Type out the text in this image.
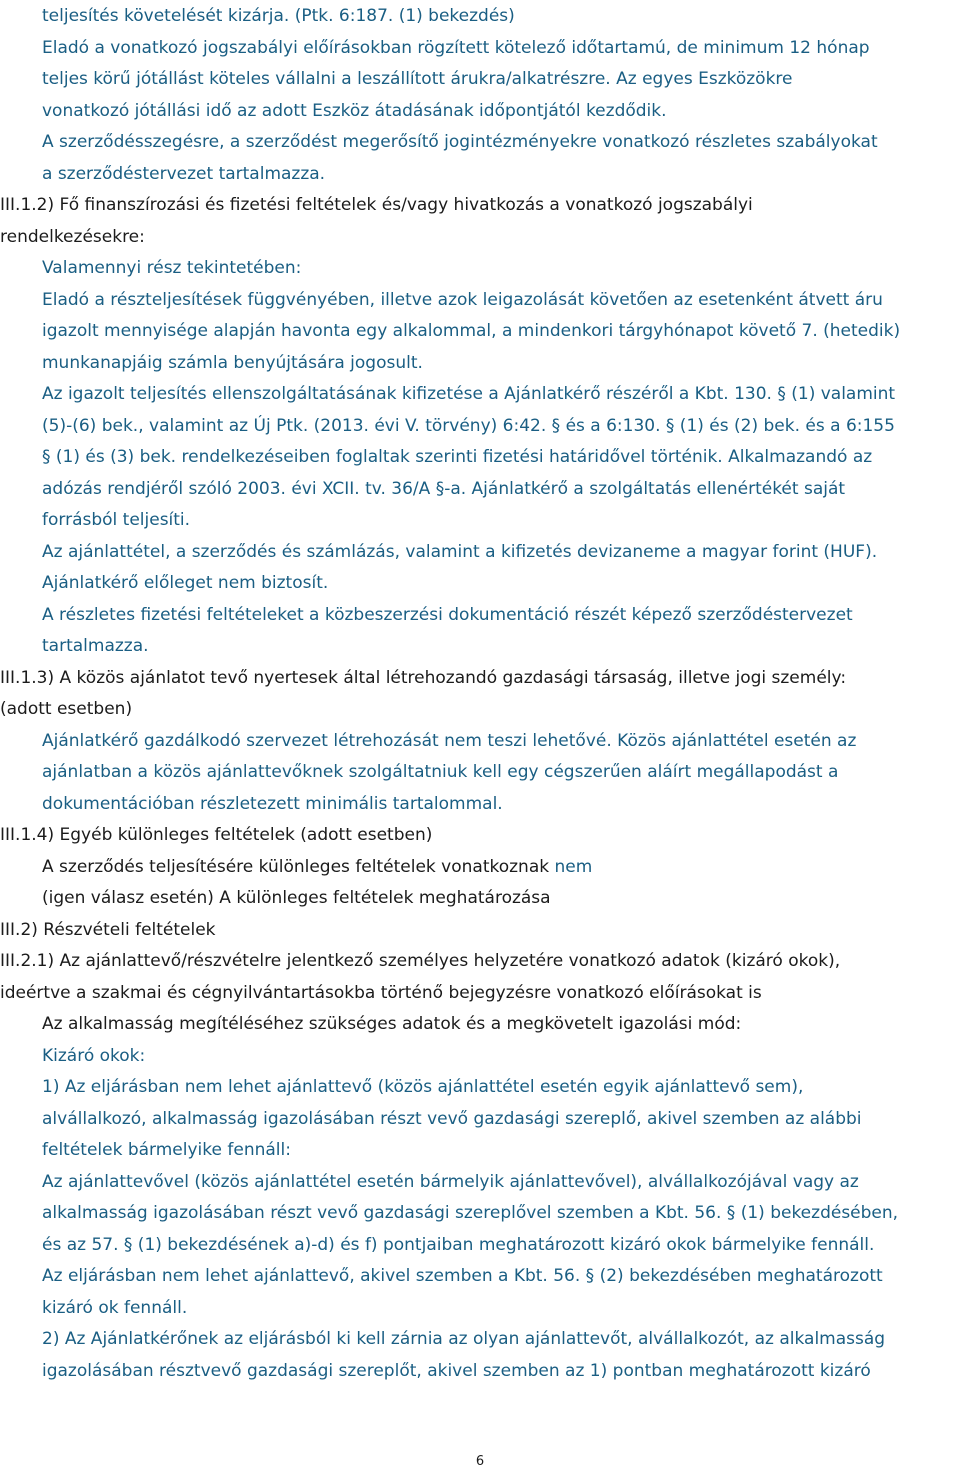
teljesítés követelését kizárja. (Ptk. 6:187. (1) bekezdés)
Eladó a vonatkozó jogszabályi előírásokban rögzített kötelező időtartamú, de minimum 12 hónap
teljes körű jótállást köteles vállalni a leszállított árukra/alkatrészre. Az egyes Eszközökre
vonatkozó jótállási idő az adott Eszköz átadásának időpontjától kezdődik.
A szerződésszegésre, a szerződést megerősítő jogintézményekre vonatkozó részletes szabályokat
a szerződéstervezet tartalmazza.
III.1.2) Fő finanszírozási és fizetési feltételek és/vagy hivatkozás a vonatkozó jogszabályi
rendelkezésekre:
Valamennyi rész tekintetében:
Eladó a részteljesítések függvényében, illetve azok leigazolását követően az esetenként átvett áru
igazolt mennyisége alapján havonta egy alkalommal, a mindenkori tárgyhónapot követő 7. (hetedik)
munkanapjáig számla benyújtására jogosult.
Az igazolt teljesítés ellenszolgáltatásának kifizetése a Ajánlatkérő részéről a Kbt. 130. § (1) valamint
(5)-(6) bek., valamint az Új Ptk. (2013. évi V. törvény) 6:42. § és a 6:130. § (1) és (2) bek. és a 6:155
§ (1) és (3) bek. rendelkezéseiben foglaltak szerinti fizetési határidővel történik. Alkalmazandó az
adózás rendjéről szóló 2003. évi XCII. tv. 36/A §-a. Ajánlatkérő a szolgáltatás ellenértékét saját
forrásból teljesíti.
Az ajánlattétel, a szerződés és számlázás, valamint a kifizetés devizaneme a magyar forint (HUF).
Ajánlatkérő előleget nem biztosít.
A részletes fizetési feltételeket a közbeszerzési dokumentáció részét képező szerződéstervezet
tartalmazza.
III.1.3) A közös ajánlatot tevő nyertesek által létrehozandó gazdasági társaság, illetve jogi személy:
(adott esetben)
Ajánlatkérő gazdálkodó szervezet létrehozását nem teszi lehetővé. Közös ajánlattétel esetén az
ajánlatban a közös ajánlattevőknek szolgáltatniuk kell egy cégszerűen aláírt megállapodást a
dokumentációban részletezett minimális tartalommal.
III.1.4) Egyéb különleges feltételek (adott esetben)
A szerződés teljesítésére különleges feltételek vonatkoznak nem
(igen válasz esetén) A különleges feltételek meghatározása
III.2) Részvételi feltételek
III.2.1) Az ajánlattevő/részvételre jelentkező személyes helyzetére vonatkozó adatok (kizáró okok),
ideértve a szakmai és cégnyilvántartásokba történő bejegyzésre vonatkozó előírásokat is
Az alkalmasság megítéléséhez szükséges adatok és a megkövetelt igazolási mód:
Kizáró okok:
1) Az eljárásban nem lehet ajánlattevő (közös ajánlattétel esetén egyik ajánlattevő sem),
alvállalkozó, alkalmasság igazolásában részt vevő gazdasági szereplő, akivel szemben az alábbi
feltételek bármelyike fennáll:
Az ajánlattevővel (közös ajánlattétel esetén bármelyik ajánlattevővel), alvállalkozójával vagy az
alkalmasság igazolásában részt vevő gazdasági szereplővel szemben a Kbt. 56. § (1) bekezdésében,
és az 57. § (1) bekezdésének a)-d) és f) pontjaiban meghatározott kizáró okok bármelyike fennáll.
Az eljárásban nem lehet ajánlattevő, akivel szemben a Kbt. 56. § (2) bekezdésében meghatározott
kizáró ok fennáll.
2) Az Ajánlatkérőnek az eljárásból ki kell zárnia az olyan ajánlattevőt, alvállalkozót, az alkalmasság
igazolásában résztvevő gazdasági szereplőt, akivel szemben az 1) pontban meghatározott kizáró
6
